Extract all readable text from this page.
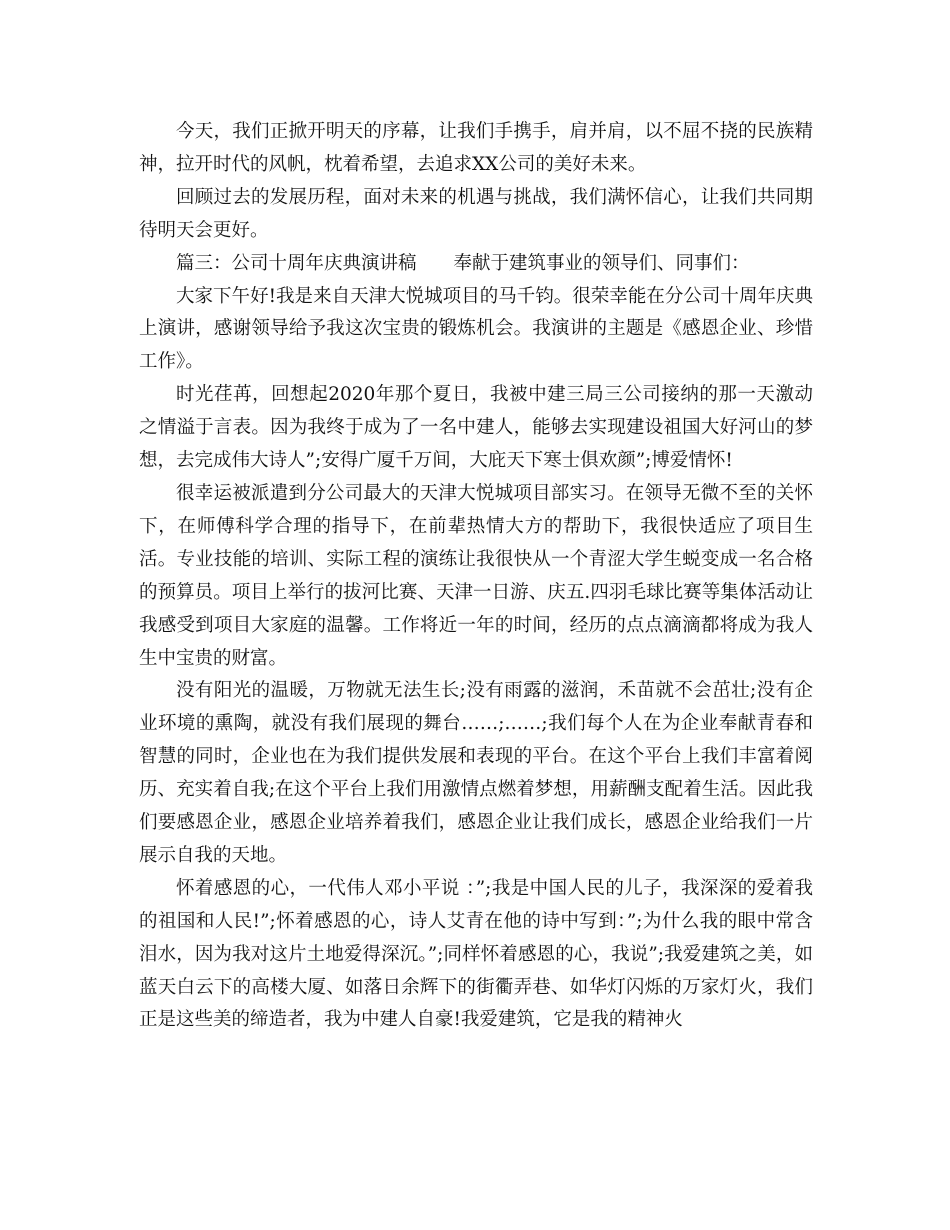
今天，我们正掀开明天的序幕，让我们手携手，肩并肩，以不屈不挠的民族精神，拉开时代的风帆，枕着希望，去追求XX公司的美好未来。

回顾过去的发展历程，面对未来的机遇与挑战，我们满怀信心，让我们共同期待明天会更好。

篇三：公司十周年庆典演讲稿　　奉献于建筑事业的领导们、同事们：

大家下午好!我是来自天津大悦城项目的马千钧。很荣幸能在分公司十周年庆典上演讲，感谢领导给予我这次宝贵的锻炼机会。我演讲的主题是《感恩企业、珍惜工作》。

时光荏苒，回想起2020年那个夏日，我被中建三局三公司接纳的那一天激动之情溢于言表。因为我终于成为了一名中建人，能够去实现建设祖国大好河山的梦想，去完成伟大诗人”;安得广厦千万间，大庇天下寒士俱欢颜”;博爱情怀!

很幸运被派遣到分公司最大的天津大悦城项目部实习。在领导无微不至的关怀下，在师傅科学合理的指导下，在前辈热情大方的帮助下，我很快适应了项目生活。专业技能的培训、实际工程的演练让我很快从一个青涩大学生蜕变成一名合格的预算员。项目上举行的拔河比赛、天津一日游、庆五.四羽毛球比赛等集体活动让我感受到项目大家庭的温馨。工作将近一年的时间，经历的点点滴滴都将成为我人生中宝贵的财富。

没有阳光的温暖，万物就无法生长;没有雨露的滋润，禾苗就不会茁壮;没有企业环境的熏陶，就没有我们展现的舞台……;……;我们每个人在为企业奉献青春和智慧的同时，企业也在为我们提供发展和表现的平台。在这个平台上我们丰富着阅历、充实着自我;在这个平台上我们用激情点燃着梦想，用薪酬支配着生活。因此我们要感恩企业，感恩企业培养着我们，感恩企业让我们成长，感恩企业给我们一片展示自我的天地。

怀着感恩的心，一代伟人邓小平说 ：”;我是中国人民的儿子，我深深的爱着我的祖国和人民!”;怀着感恩的心，诗人艾青在他的诗中写到：”;为什么我的眼中常含泪水，因为我对这片土地爱得深沉。”;同样怀着感恩的心，我说”;我爱建筑之美，如蓝天白云下的高楼大厦、如落日余辉下的街衢弄巷、如华灯闪烁的万家灯火，我们正是这些美的缔造者，我为中建人自豪!我爱建筑，它是我的精神火
